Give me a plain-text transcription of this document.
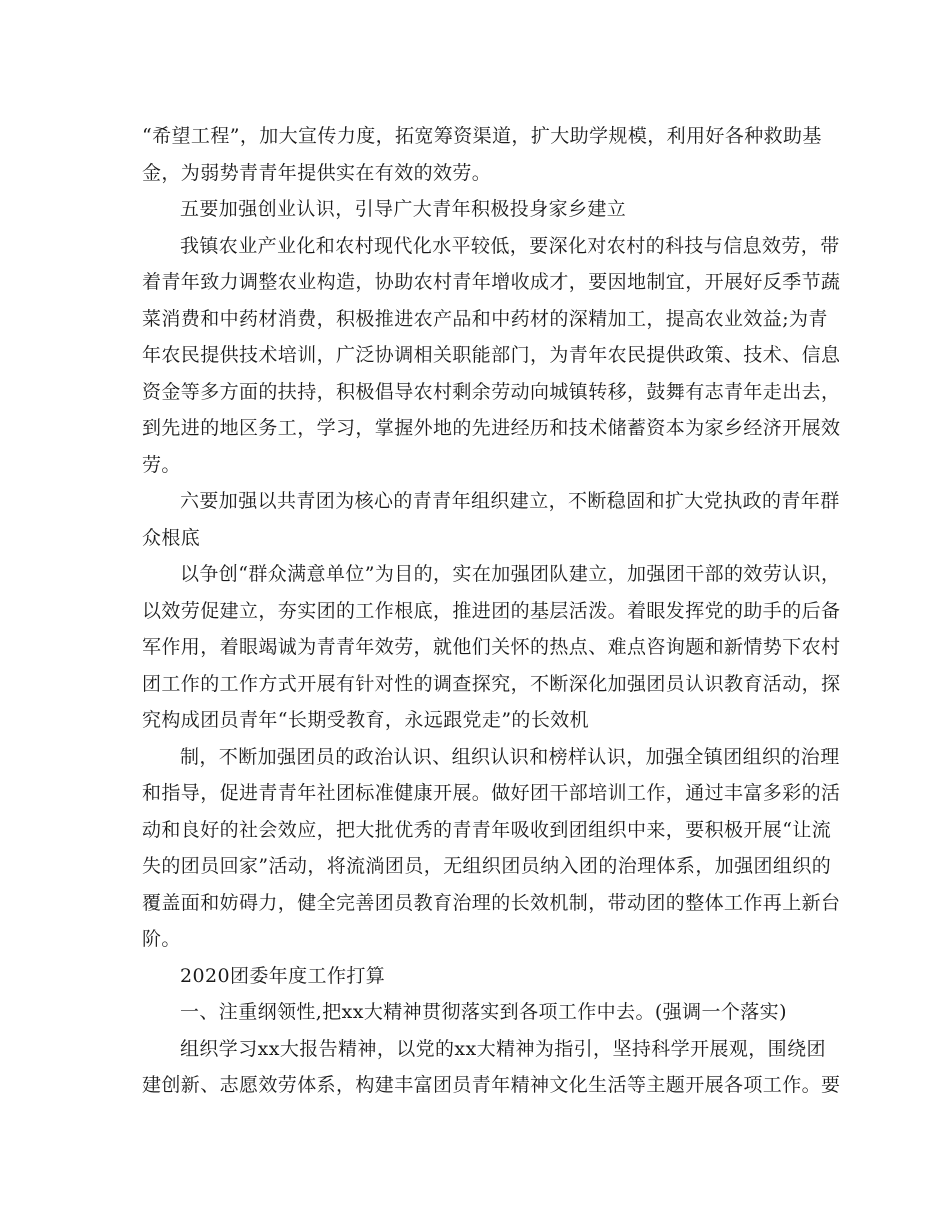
“希望工程”，加大宣传力度，拓宽筹资渠道，扩大助学规模，利用好各种救助基
金，为弱势青青年提供实在有效的效劳。
五要加强创业认识，引导广大青年积极投身家乡建立
我镇农业产业化和农村现代化水平较低，要深化对农村的科技与信息效劳，带
着青年致力调整农业构造，协助农村青年增收成才，要因地制宜，开展好反季节蔬
菜消费和中药材消费，积极推进农产品和中药材的深精加工，提高农业效益;为青
年农民提供技术培训，广泛协调相关职能部门，为青年农民提供政策、技术、信息
资金等多方面的扶持，积极倡导农村剩余劳动向城镇转移，鼓舞有志青年走出去，
到先进的地区务工，学习，掌握外地的先进经历和技术储蓄资本为家乡经济开展效
劳。
六要加强以共青团为核心的青青年组织建立，不断稳固和扩大党执政的青年群
众根底
以争创“群众满意单位”为目的，实在加强团队建立，加强团干部的效劳认识，
以效劳促建立，夯实团的工作根底，推进团的基层活泼。着眼发挥党的助手的后备
军作用，着眼竭诚为青青年效劳，就他们关怀的热点、难点咨询题和新情势下农村
团工作的工作方式开展有针对性的调查探究，不断深化加强团员认识教育活动，探
究构成团员青年“长期受教育，永远跟党走”的长效机
制，不断加强团员的政治认识、组织认识和榜样认识，加强全镇团组织的治理
和指导，促进青青年社团标准健康开展。做好团干部培训工作，通过丰富多彩的活
动和良好的社会效应，把大批优秀的青青年吸收到团组织中来，要积极开展“让流
失的团员回家”活动，将流淌团员，无组织团员纳入团的治理体系，加强团组织的
覆盖面和妨碍力，健全完善团员教育治理的长效机制，带动团的整体工作再上新台
阶。
2020团委年度工作打算
一、注重纲领性,把xx大精神贯彻落实到各项工作中去。(强调一个落实)
组织学习xx大报告精神，以党的xx大精神为指引，坚持科学开展观，围绕团
建创新、志愿效劳体系，构建丰富团员青年精神文化生活等主题开展各项工作。要
